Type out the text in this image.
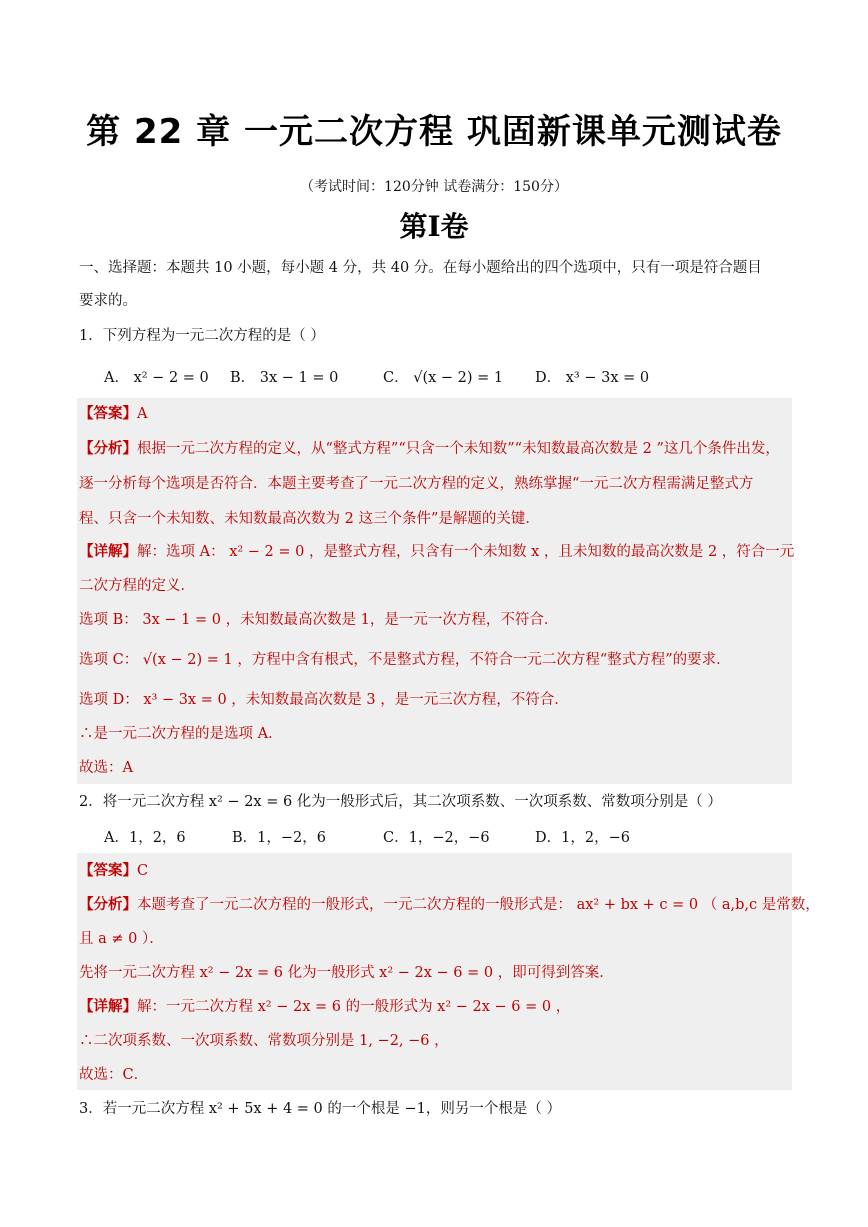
第 22 章 一元二次方程 巩固新课单元测试卷
（考试时间：120分钟 试卷满分：150分）
第I卷
一、选择题：本题共 10 小题，每小题 4 分，共 40 分。在每小题给出的四个选项中，只有一项是符合题目
要求的。
1．下列方程为一元二次方程的是（ ）
A． x² − 2 = 0 B． 3x − 1 = 0	C． √(x − 2) = 1 D． x³ − 3x = 0
【答案】A
【分析】根据一元二次方程的定义，从“整式方程”“只含一个未知数”“未知数最高次数是 2 ”这几个条件出发，
逐一分析每个选项是否符合．本题主要考查了一元二次方程的定义，熟练掌握“一元二次方程需满足整式方
程、只含一个未知数、未知数最高次数为 2 这三个条件”是解题的关键．
【详解】解：选项 A： x² − 2 = 0 ，是整式方程，只含有一个未知数 x ，且未知数的最高次数是 2 ，符合一元
二次方程的定义．
选项 B： 3x − 1 = 0 ，未知数最高次数是 1，是一元一次方程，不符合．
选项 C： √(x − 2) = 1 ，方程中含有根式，不是整式方程，不符合一元二次方程“整式方程”的要求．
选项 D： x³ − 3x = 0 ，未知数最高次数是 3 ，是一元三次方程，不符合．
∴是一元二次方程的是选项 A．
故选：A
2．将一元二次方程 x² − 2x = 6 化为一般形式后，其二次项系数、一次项系数、常数项分别是（ ）
A．1，2，6	B．1，−2，6	C．1，−2，−6	D．1，2，−6
【答案】C
【分析】本题考查了一元二次方程的一般形式，一元二次方程的一般形式是： ax² + bx + c = 0 （ a,b,c 是常数，
且 a ≠ 0 ）．
先将一元二次方程 x² − 2x = 6 化为一般形式 x² − 2x − 6 = 0 ，即可得到答案．
【详解】解：一元二次方程 x² − 2x = 6 的一般形式为 x² − 2x − 6 = 0 ，
∴二次项系数、一次项系数、常数项分别是 1, −2, −6 ，
故选：C．
3．若一元二次方程 x² + 5x + 4 = 0 的一个根是 −1，则另一个根是（ ）
